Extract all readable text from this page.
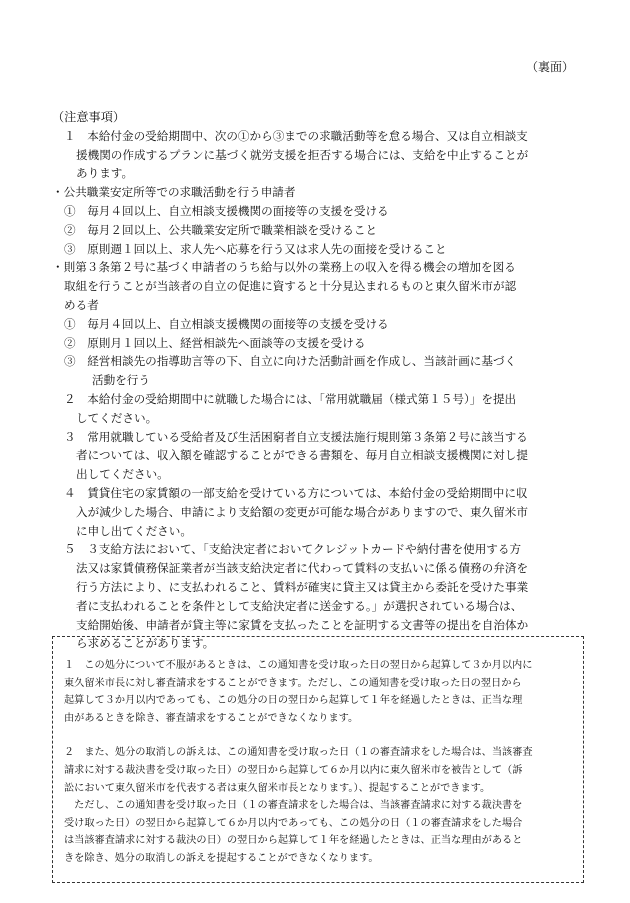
（裏面）
（注意事項）
１　本給付金の受給期間中、次の①から③までの求職活動等を怠る場合、又は自立相談支
援機関の作成するプランに基づく就労支援を拒否する場合には、支給を中止することが
あります。
・公共職業安定所等での求職活動を行う申請者
①　毎月４回以上、自立相談支援機関の面接等の支援を受ける
②　毎月２回以上、公共職業安定所で職業相談を受けること
③　原則週１回以上、求人先へ応募を行う又は求人先の面接を受けること
・則第３条第２号に基づく申請者のうち給与以外の業務上の収入を得る機会の増加を図る
取組を行うことが当該者の自立の促進に資すると十分見込まれるものと東久留米市が認
める者
①　毎月４回以上、自立相談支援機関の面接等の支援を受ける
②　原則月１回以上、経営相談先へ面談等の支援を受ける
③　経営相談先の指導助言等の下、自立に向けた活動計画を作成し、当該計画に基づく
活動を行う
２　本給付金の受給期間中に就職した場合には、「常用就職届（様式第１５号）」を提出
してください。
３　常用就職している受給者及び生活困窮者自立支援法施行規則第３条第２号に該当する
者については、収入額を確認することができる書類を、毎月自立相談支援機関に対し提
出してください。
４　賃貸住宅の家賃額の一部支給を受けている方については、本給付金の受給期間中に収
入が減少した場合、申請により支給額の変更が可能な場合がありますので、東久留米市
に申し出てください。
５　３支給方法において、「支給決定者においてクレジットカードや納付書を使用する方
法又は家賃債務保証業者が当該支給決定者に代わって賃料の支払いに係る債務の弁済を
行う方法により、に支払われること、賃料が確実に貸主又は貸主から委託を受けた事業
者に支払われることを条件として支給決定者に送金する。」が選択されている場合は、
支給開始後、申請者が貸主等に家賃を支払ったことを証明する文書等の提出を自治体か
ら求めることがあります。

１　この処分について不服があるときは、この通知書を受け取った日の翌日から起算して３か月以内に

東久留米市長に対し審査請求をすることができます。ただし、この通知書を受け取った日の翌日から

起算して３か月以内であっても、この処分の日の翌日から起算して１年を経過したときは、正当な理

由があるときを除き、審査請求をすることができなくなります。

２　また、処分の取消しの訴えは、この通知書を受け取った日（１の審査請求をした場合は、当該審査

請求に対する裁決書を受け取った日）の翌日から起算して６か月以内に東久留米市を被告として（訴

訟において東久留米市を代表する者は東久留米市長となります。）、提起することができます。

　ただし、この通知書を受け取った日（１の審査請求をした場合は、当該審査請求に対する裁決書を

受け取った日）の翌日から起算して６か月以内であっても、この処分の日（１の審査請求をした場合

は当該審査請求に対する裁決の日）の翌日から起算して１年を経過したときは、正当な理由があると

きを除き、処分の取消しの訴えを提起することができなくなります。
